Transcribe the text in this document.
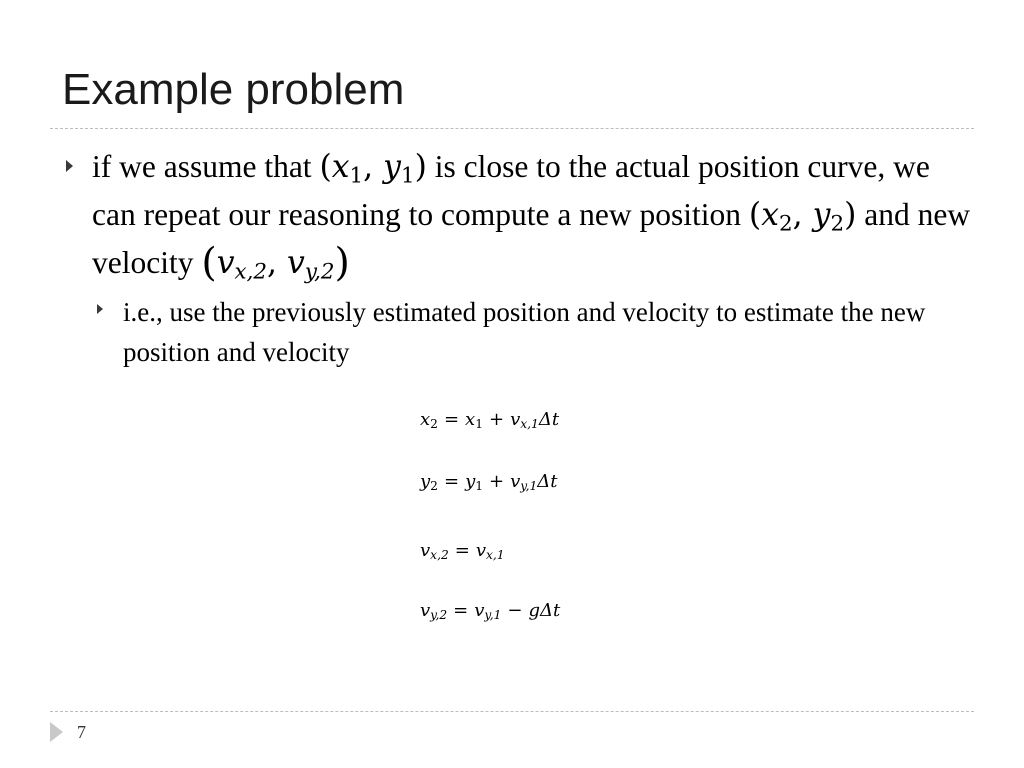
Example problem
if we assume that ($x_1$, $y_1$) is close to the actual position curve, we can repeat our reasoning to compute a new position ($x_2$, $y_2$) and new velocity ($v_{x,2}$, $v_{y,2}$)
i.e., use the previously estimated position and velocity to estimate the new position and velocity
$x_2 = x_1 + v_{x,1}\Delta t$
$y_2 = y_1 + v_{y,1}\Delta t$
$v_{x,2} = v_{x,1}$
$v_{y,2} = v_{y,1} - g\Delta t$
7
